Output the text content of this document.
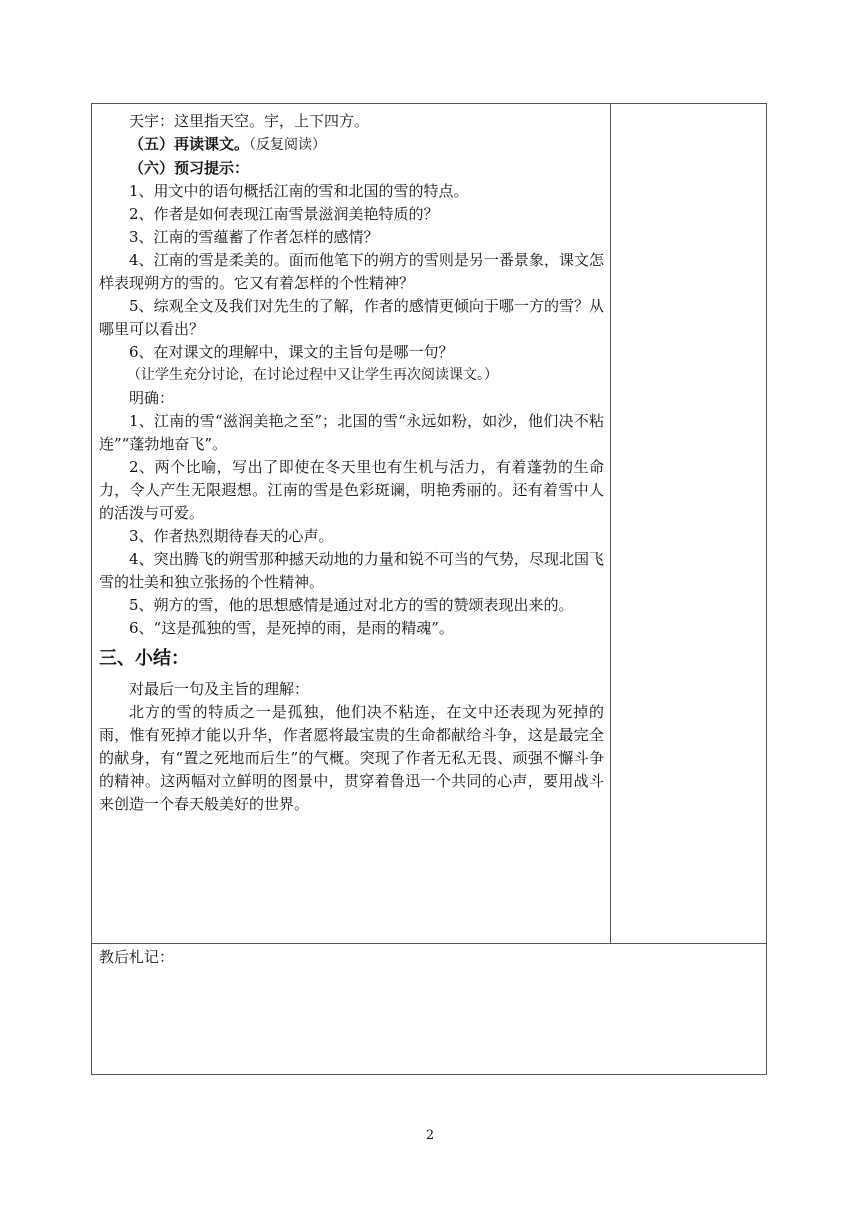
天宇：这里指天空。宇，上下四方。

（五）再读课文。（反复阅读）

（六）预习提示：

1、用文中的语句概括江南的雪和北国的雪的特点。

2、作者是如何表现江南雪景滋润美艳特质的？

3、江南的雪蕴蓄了作者怎样的感情？

4、江南的雪是柔美的。面而他笔下的朔方的雪则是另一番景象，课文怎样表现朔方的雪的。它又有着怎样的个性精神？

5、综观全文及我们对先生的了解，作者的感情更倾向于哪一方的雪？从哪里可以看出？

6、在对课文的理解中，课文的主旨句是哪一句？

（让学生充分讨论，在讨论过程中又让学生再次阅读课文。）

明确：

1、江南的雪“滋润美艳之至”；北国的雪“永远如粉，如沙，他们决不粘连”“蓬勃地奋飞”。

2、两个比喻，写出了即使在冬天里也有生机与活力，有着蓬勃的生命力，令人产生无限遐想。江南的雪是色彩斑谰，明艳秀丽的。还有着雪中人的活泼与可爱。

3、作者热烈期待春天的心声。

4、突出腾飞的朔雪那种撼天动地的力量和锐不可当的气势，尽现北国飞雪的壮美和独立张扬的个性精神。

5、朔方的雪，他的思想感情是通过对北方的雪的赞颂表现出来的。

6、“这是孤独的雪，是死掉的雨，是雨的精魂”。

三、小结：

对最后一句及主旨的理解：

北方的雪的特质之一是孤独，他们决不粘连，在文中还表现为死掉的雨，惟有死掉才能以升华，作者愿将最宝贵的生命都献给斗争，这是最完全的献身，有“置之死地而后生”的气概。突现了作者无私无畏、顽强不懈斗争的精神。这两幅对立鲜明的图景中，贯穿着鲁迅一个共同的心声，要用战斗来创造一个春天般美好的世界。

教后札记：
2
